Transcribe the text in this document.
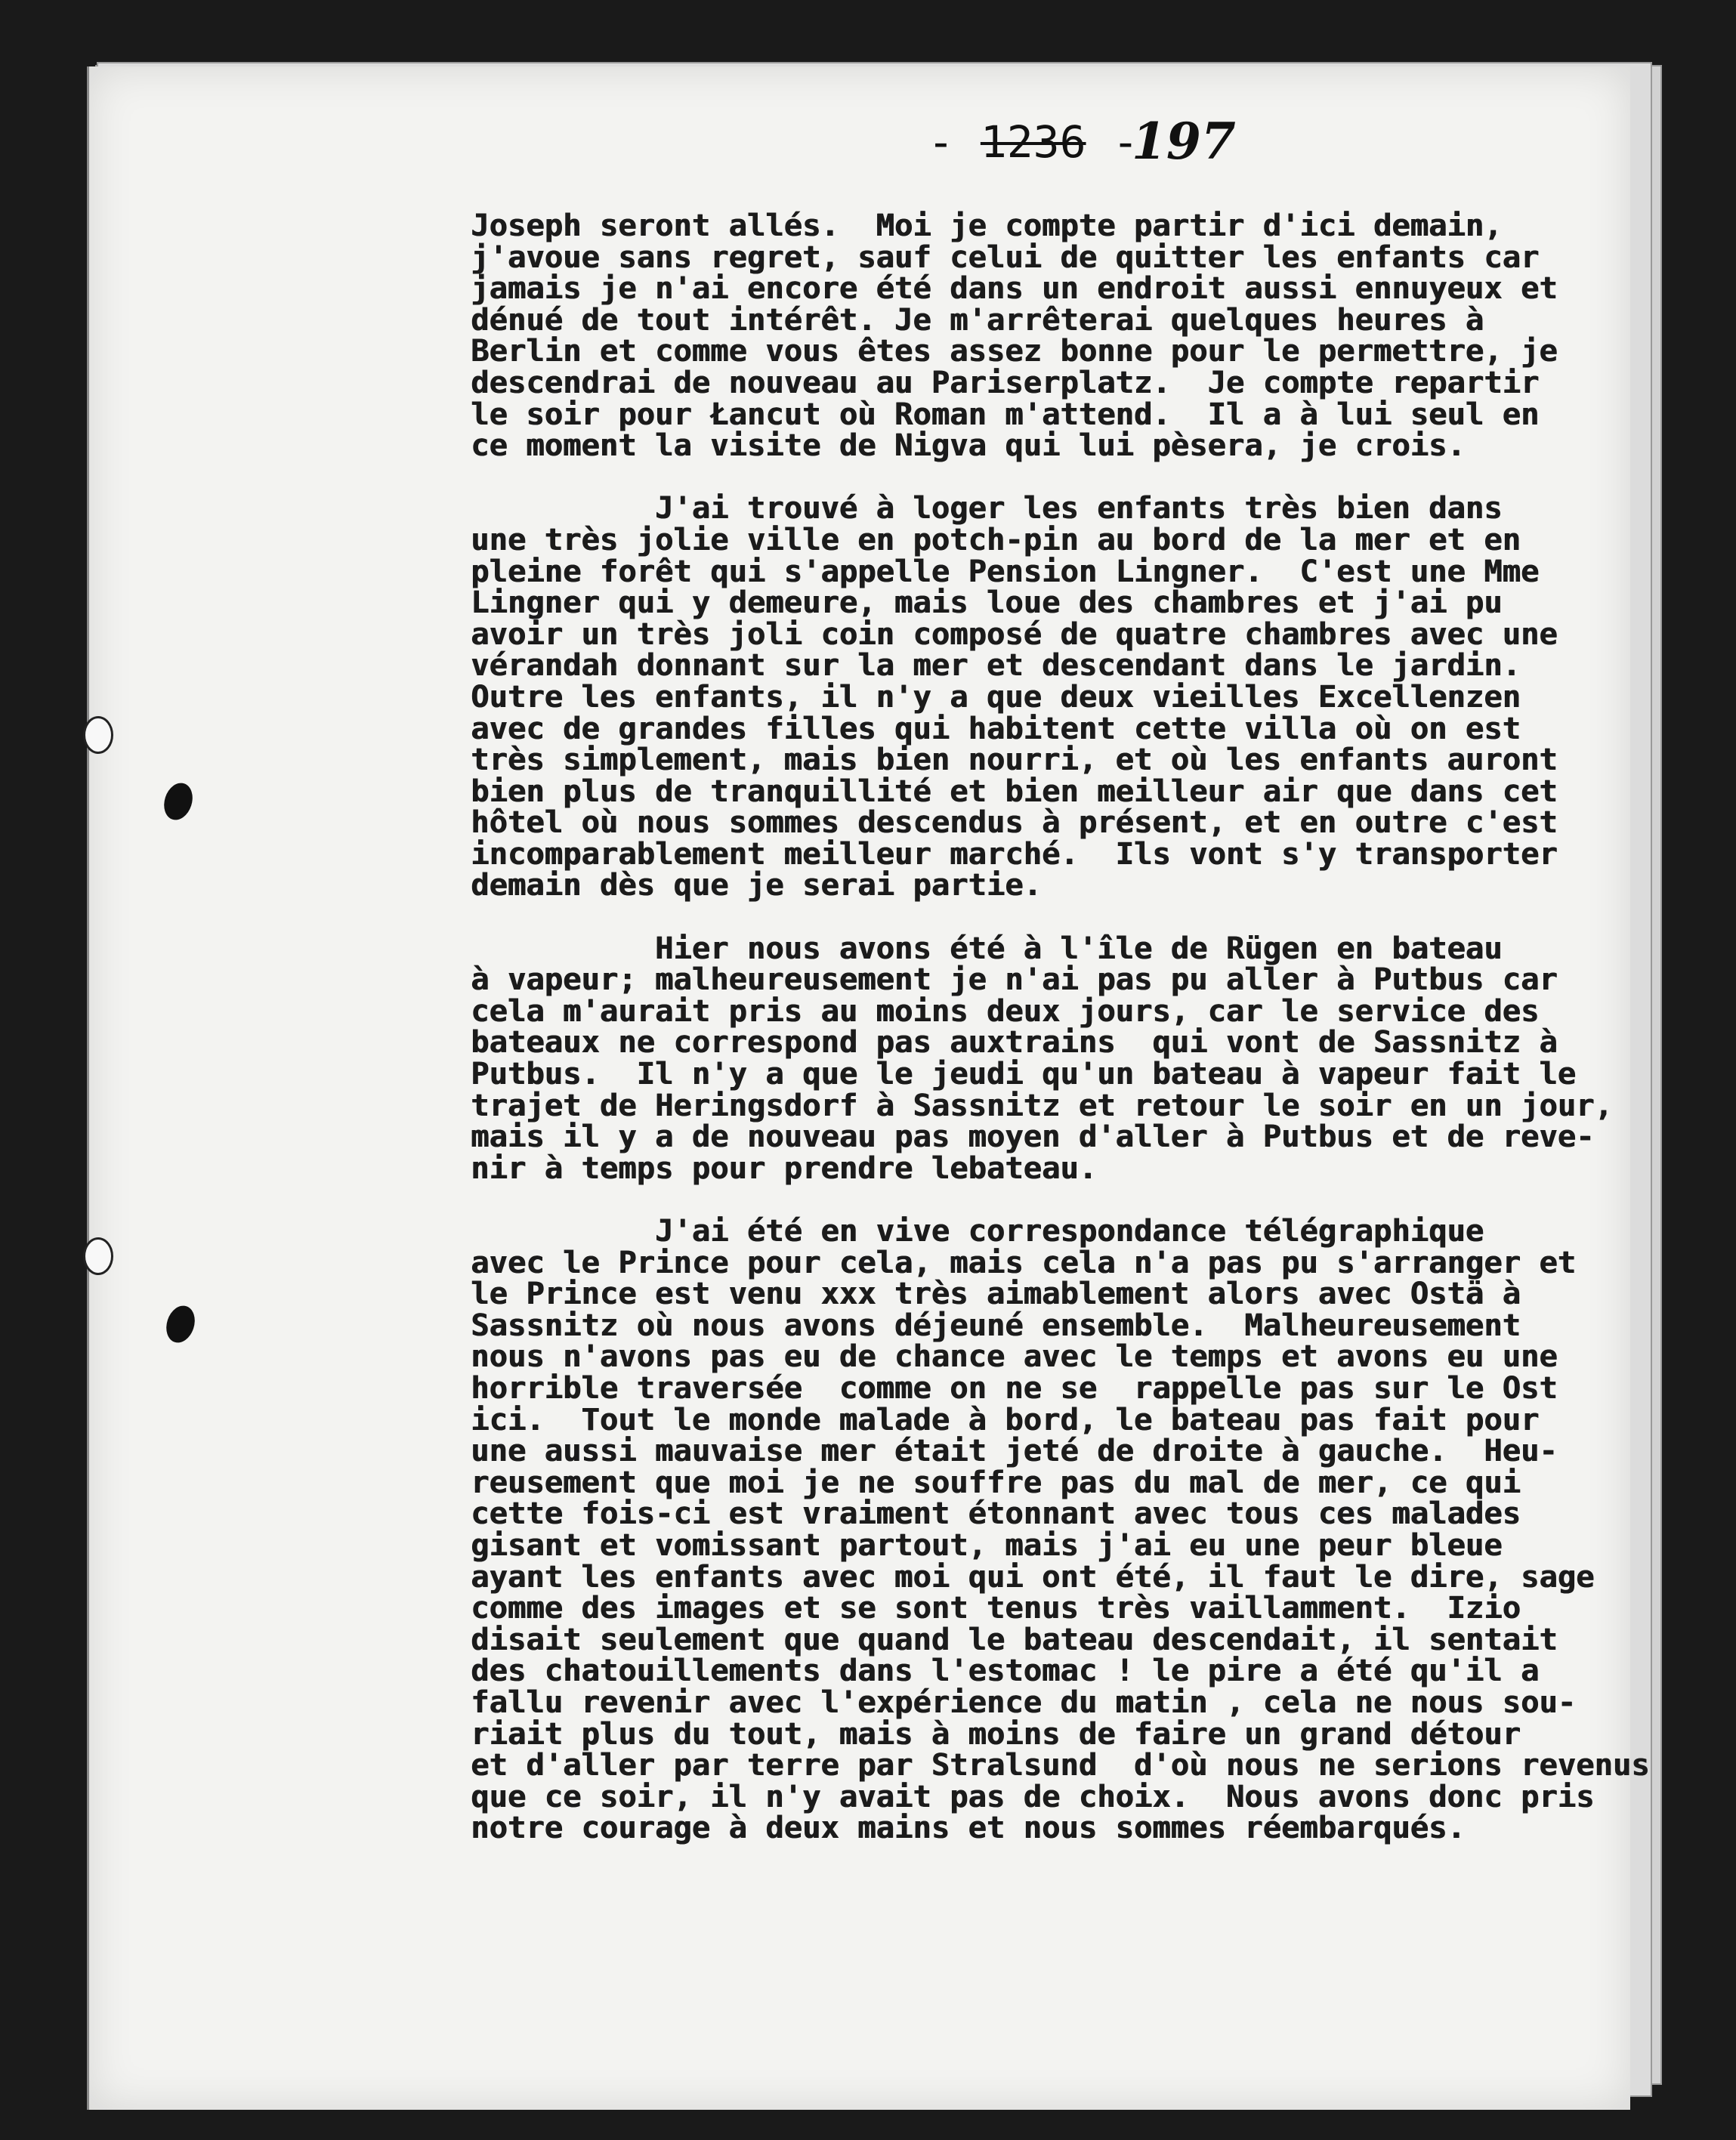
- 1236 -
197
Joseph seront allés.  Moi je compte partir d'ici demain,
j'avoue sans regret, sauf celui de quitter les enfants car
jamais je n'ai encore été dans un endroit aussi ennuyeux et
dénué de tout intérêt. Je m'arrêterai quelques heures à
Berlin et comme vous êtes assez bonne pour le permettre, je
descendrai de nouveau au Pariserplatz.  Je compte repartir
le soir pour Łancut où Roman m'attend.  Il a à lui seul en
ce moment la visite de Nigva qui lui pèsera, je crois.
J'ai trouvé à loger les enfants très bien dans
une très jolie ville en potch-pin au bord de la mer et en
pleine forêt qui s'appelle Pension Lingner.  C'est une Mme
Lingner qui y demeure, mais loue des chambres et j'ai pu
avoir un très joli coin composé de quatre chambres avec une
vérandah donnant sur la mer et descendant dans le jardin.
Outre les enfants, il n'y a que deux vieilles Excellenzen
avec de grandes filles qui habitent cette villa où on est
très simplement, mais bien nourri, et où les enfants auront
bien plus de tranquillité et bien meilleur air que dans cet
hôtel où nous sommes descendus à présent, et en outre c'est
incomparablement meilleur marché.  Ils vont s'y transporter
demain dès que je serai partie.
Hier nous avons été à l'île de Rügen en bateau
à vapeur; malheureusement je n'ai pas pu aller à Putbus car
cela m'aurait pris au moins deux jours, car le service des
bateaux ne correspond pas auxtrains  qui vont de Sassnitz à
Putbus.  Il n'y a que le jeudi qu'un bateau à vapeur fait le
trajet de Heringsdorf à Sassnitz et retour le soir en un jour,
mais il y a de nouveau pas moyen d'aller à Putbus et de reve-
nir à temps pour prendre lebateau.
J'ai été en vive correspondance télégraphique
avec le Prince pour cela, mais cela n'a pas pu s'arranger et
le Prince est venu xxx très aimablement alors avec Ostä à
Sassnitz où nous avons déjeuné ensemble.  Malheureusement
nous n'avons pas eu de chance avec le temps et avons eu une
horrible traversée  comme on ne se  rappelle pas sur le Ost
ici.  Tout le monde malade à bord, le bateau pas fait pour
une aussi mauvaise mer était jeté de droite à gauche.  Heu-
reusement que moi je ne souffre pas du mal de mer, ce qui
cette fois-ci est vraiment étonnant avec tous ces malades
gisant et vomissant partout, mais j'ai eu une peur bleue
ayant les enfants avec moi qui ont été, il faut le dire, sage
comme des images et se sont tenus très vaillamment.  Izio
disait seulement que quand le bateau descendait, il sentait
des chatouillements dans l'estomac ! le pire a été qu'il a
fallu revenir avec l'expérience du matin , cela ne nous sou-
riait plus du tout, mais à moins de faire un grand détour
et d'aller par terre par Stralsund  d'où nous ne serions revenus
que ce soir, il n'y avait pas de choix.  Nous avons donc pris
notre courage à deux mains et nous sommes réembarqués.
